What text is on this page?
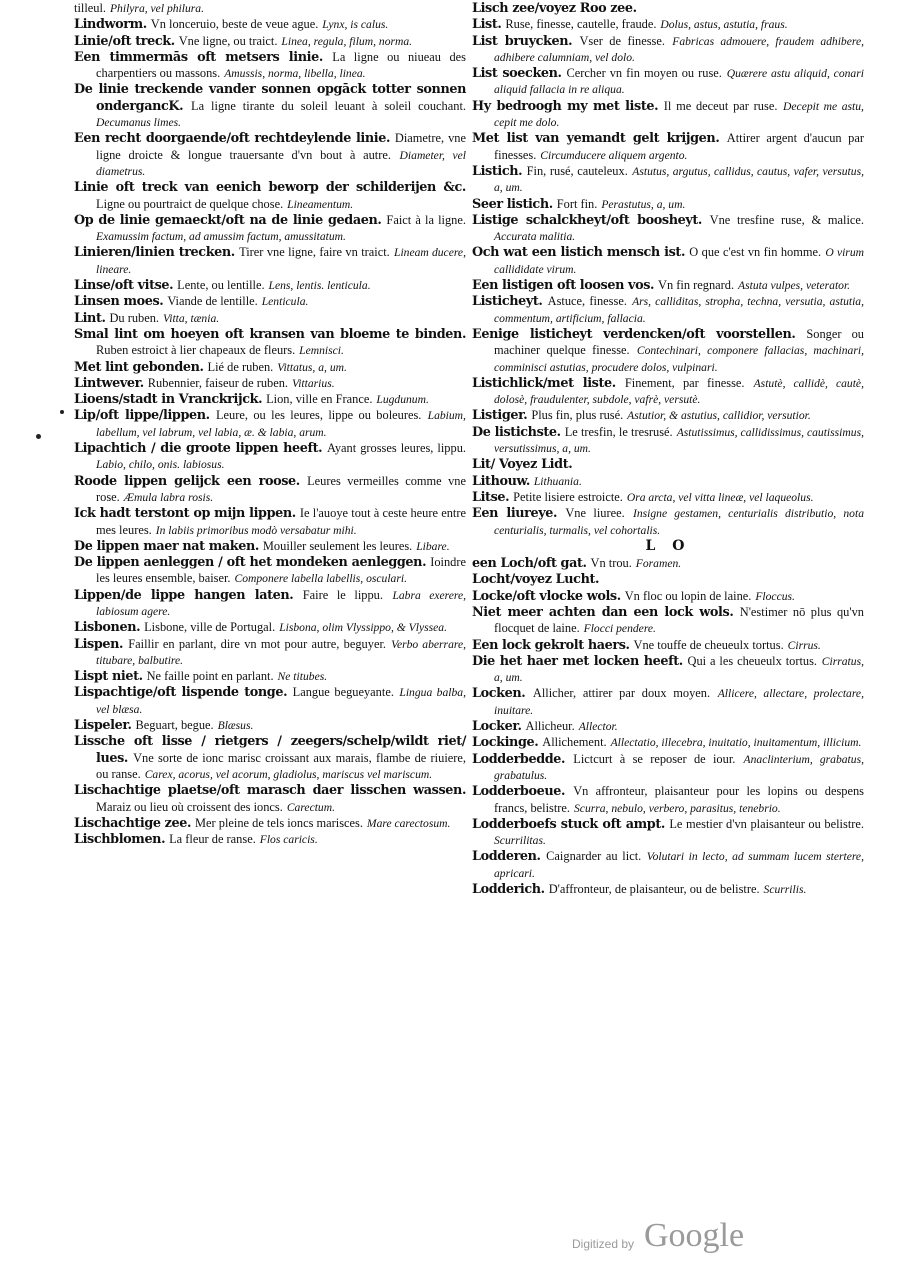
tilleul. Philyra, vel philura.

Lindworm. Vn lonceruio, beste de veue ague. Lynx, is calus.

Linie/oft treck. Vne ligne, ou traict. Linea, regula, filum, norma.

Een timmermās oft metsers linie. La ligne ou niueau des charpentiers ou massons. Amussis, norma, libella, linea.

De linie treckende vander sonnen opgāck totter sonnen ondergancK. La ligne tirante du soleil leuant à soleil couchant. Decumanus limes.

Een recht doorgaende/oft rechtdeylende linie. Diametre, vne ligne droicte & longue trauersante d'vn bout à autre. Diameter, vel diametrus.

Linie oft treck van eenich beworp der schilderijen &c. Ligne ou pourtraict de quelque chose. Lineamentum.

Op de linie gemaeckt/oft na de linie gedaen. Faict à la ligne. Examussim factum, ad amussim factum, amussitatum.

Linieren/linien trecken. Tirer vne ligne, faire vn traict. Lineam ducere, lineare.

Linse/oft vitse. Lente, ou lentille. Lens, lentis. lenticula.

Linsen moes. Viande de lentille. Lenticula.

Lint. Du ruben. Vitta, tænia.

Smal lint om hoeyen oft kransen van bloeme te binden. Ruben estroict à lier chapeaux de fleurs. Lemnisci.

Met lint gebonden. Lié de ruben. Vittatus, a, um.

Lintwever. Rubennier, faiseur de ruben. Vittarius.

Lioens/stadt in Vranckrijck. Lion, ville en France. Lugdunum.

Lip/oft lippe/lippen. Leure, ou les leures, lippe ou boleures. Labium, labellum, vel labrum, vel labia, æ. & labia, arum.

Lipachtich / die groote lippen heeft. Ayant grosses leures, lippu. Labio, chilo, onis. labiosus.

Roode lippen gelijck een roose. Leures vermeilles comme vne rose. Æmula labra rosis.

Ick hadt terstont op mijn lippen. Ie l'auoye tout à ceste heure entre mes leures. In labiis primoribus modò versabatur mihi.

De lippen maer nat maken. Mouiller seulement les leures. Libare.

De lippen aenleggen / oft het mondeken aenleggen. Ioindre les leures ensemble, baiser. Componere labella labellis, osculari.

Lippen/de lippe hangen laten. Faire le lippu. Labra exerere, labiosum agere.

Lisbonen. Lisbone, ville de Portugal. Lisbona, olim Vlyssippo, & Vlyssea.

Lispen. Faillir en parlant, dire vn mot pour autre, beguyer. Verbo aberrare, titubare, balbutire.

Lispt niet. Ne faille point en parlant. Ne titubes.

Lispachtige/oft lispende tonge. Langue begueyante. Lingua balba, vel blæsa.

Lispeler. Beguart, begue. Blæsus.

Lissche oft lisse / rietgers / zeegers/schelp/wildt riet/ lues. Vne sorte de ionc marisc croissant aux marais, flambe de riuiere, ou ranse. Carex, acorus, vel acorum, gladiolus, mariscus vel mariscum.

Lischachtige plaetse/oft marasch daer lisschen wassen. Maraiz ou lieu où croissent des ioncs. Carectum.

Lischachtige zee. Mer pleine de tels ioncs marisces. Mare carectosum.

Lischblomen. La fleur de ranse. Flos caricis.

Lisch zee/voyez Roo zee.

List. Ruse, finesse, cautelle, fraude. Dolus, astus, astutia, fraus.

List bruycken. Vser de finesse. Fabricas admouere, fraudem adhibere, adhibere calumniam, vel dolo.

List soecken. Cercher vn fin moyen ou ruse. Quærere astu aliquid, conari aliquid fallacia in re aliqua.

Hy bedroogh my met liste. Il me deceut par ruse. Decepit me astu, cepit me dolo.

Met list van yemandt gelt krijgen. Attirer argent d'aucun par finesses. Circumducere aliquem argento.

Listich. Fin, rusé, cauteleux. Astutus, argutus, callidus, cautus, vafer, versutus, a, um.

Seer listich. Fort fin. Perastutus, a, um.

Listige schalckheyt/oft boosheyt. Vne tresfine ruse, & malice. Accurata malitia.

Och wat een listich mensch ist. O que c'est vn fin homme. O virum callididate virum.

Een listigen oft loosen vos. Vn fin regnard. Astuta vulpes, veterator.

Listicheyt. Astuce, finesse. Ars, calliditas, stropha, techna, versutia, astutia, commentum, artificium, fallacia.

Eenige listicheyt verdencken/oft voorstellen. Songer ou machiner quelque finesse. Contechinari, componere fallacias, machinari, comminisci astutias, procudere dolos, vulpinari.

Listichlick/met liste. Finement, par finesse. Astutè, callidè, cautè, dolosè, fraudulenter, subdole, vafrè, versutè.

Listiger. Plus fin, plus rusé. Astutior, & astutius, callidior, versutior.

De listichste. Le tresfin, le tresrusé. Astutissimus, callidissimus, cautissimus, versutissimus, a, um.

Lit/ Voyez Lidt.

Lithouw. Lithuania.

Litse. Petite lisiere estroicte. Ora arcta, vel vitta lineæ, vel laqueolus.

Een liureye. Vne liuree. Insigne gestamen, centurialis distributio, nota centurialis, turmalis, vel cohortalis.

L O

een Loch/oft gat. Vn trou. Foramen.

Locht/voyez Lucht.

Locke/oft vlocke wols. Vn floc ou lopin de laine. Floccus.

Niet meer achten dan een lock wols. N'estimer nō plus qu'vn flocquet de laine. Flocci pendere.

Een lock gekrolt haers. Vne touffe de cheueulx tortus. Cirrus.

Die het haer met locken heeft. Qui a les cheueulx tortus. Cirratus, a, um.

Locken. Allicher, attirer par doux moyen. Allicere, allectare, prolectare, inuitare.

Locker. Allicheur. Allector.

Lockinge. Allichement. Allectatio, illecebra, inuitatio, inuitamentum, illicium.

Lodderbedde. Lictcurt à se reposer de iour. Anaclinterium, grabatus, grabatulus.

Lodderboeue. Vn affronteur, plaisanteur pour les lopins ou despens francs, belistre. Scurra, nebulo, verbero, parasitus, tenebrio.

Lodderboefs stuck oft ampt. Le mestier d'vn plaisanteur ou belistre. Scurrilitas.

Lodderen. Caignarder au lict. Volutari in lecto, ad summam lucem stertere, apricari.

Lodderich. D'affronteur, de plaisanteur, ou de belistre. Scurrilis.

Digitized by Google
